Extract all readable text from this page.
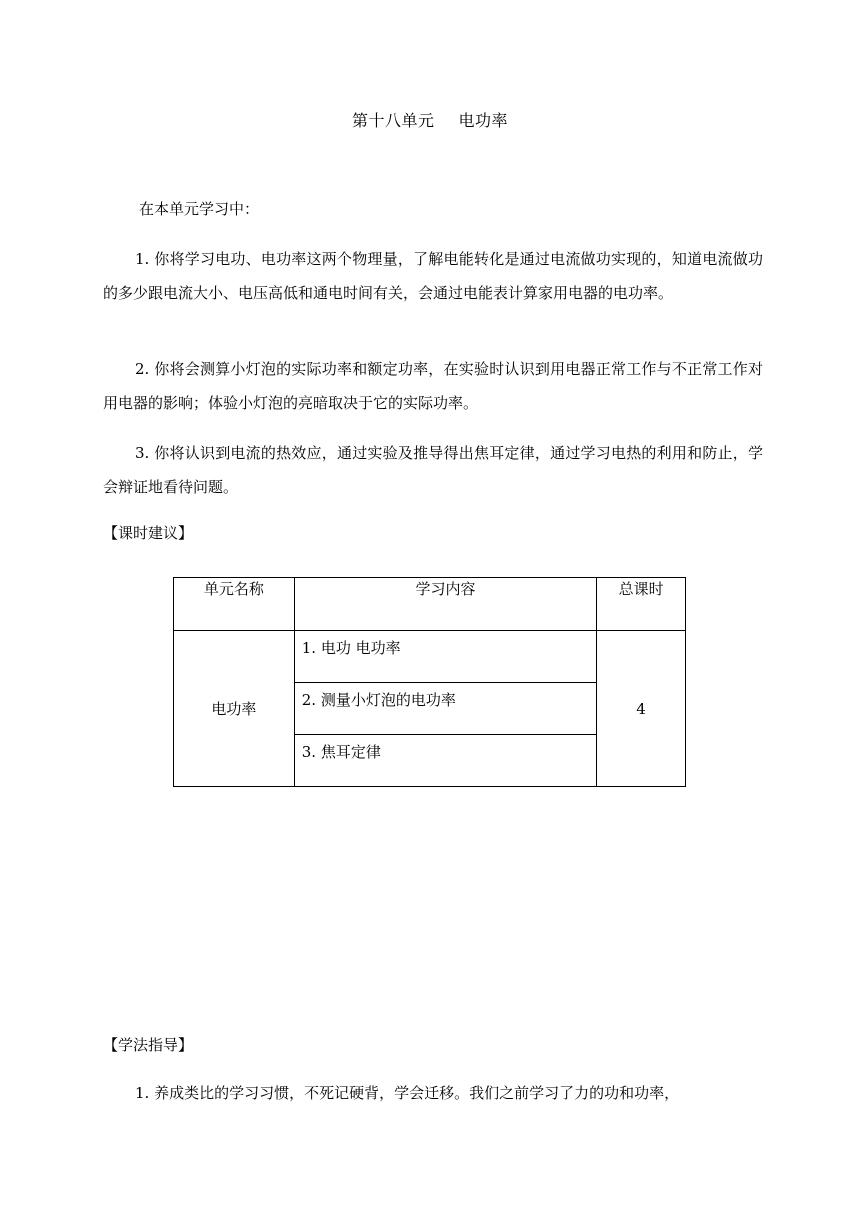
第十八单元 电功率
在本单元学习中：
1. 你将学习电功、电功率这两个物理量，了解电能转化是通过电流做功实现的，知道电流做功的多少跟电流大小、电压高低和通电时间有关，会通过电能表计算家用电器的电功率。
2. 你将会测算小灯泡的实际功率和额定功率，在实验时认识到用电器正常工作与不正常工作对用电器的影响；体验小灯泡的亮暗取决于它的实际功率。
3. 你将认识到电流的热效应，通过实验及推导得出焦耳定律，通过学习电热的利用和防止，学会辩证地看待问题。
【课时建议】
单元名称	学习内容	总课时

电功率	1. 电功 电功率	4

	2. 测量小灯泡的电功率	

	3. 焦耳定律	
【学法指导】
1. 养成类比的学习习惯，不死记硬背，学会迁移。我们之前学习了力的功和功率，
